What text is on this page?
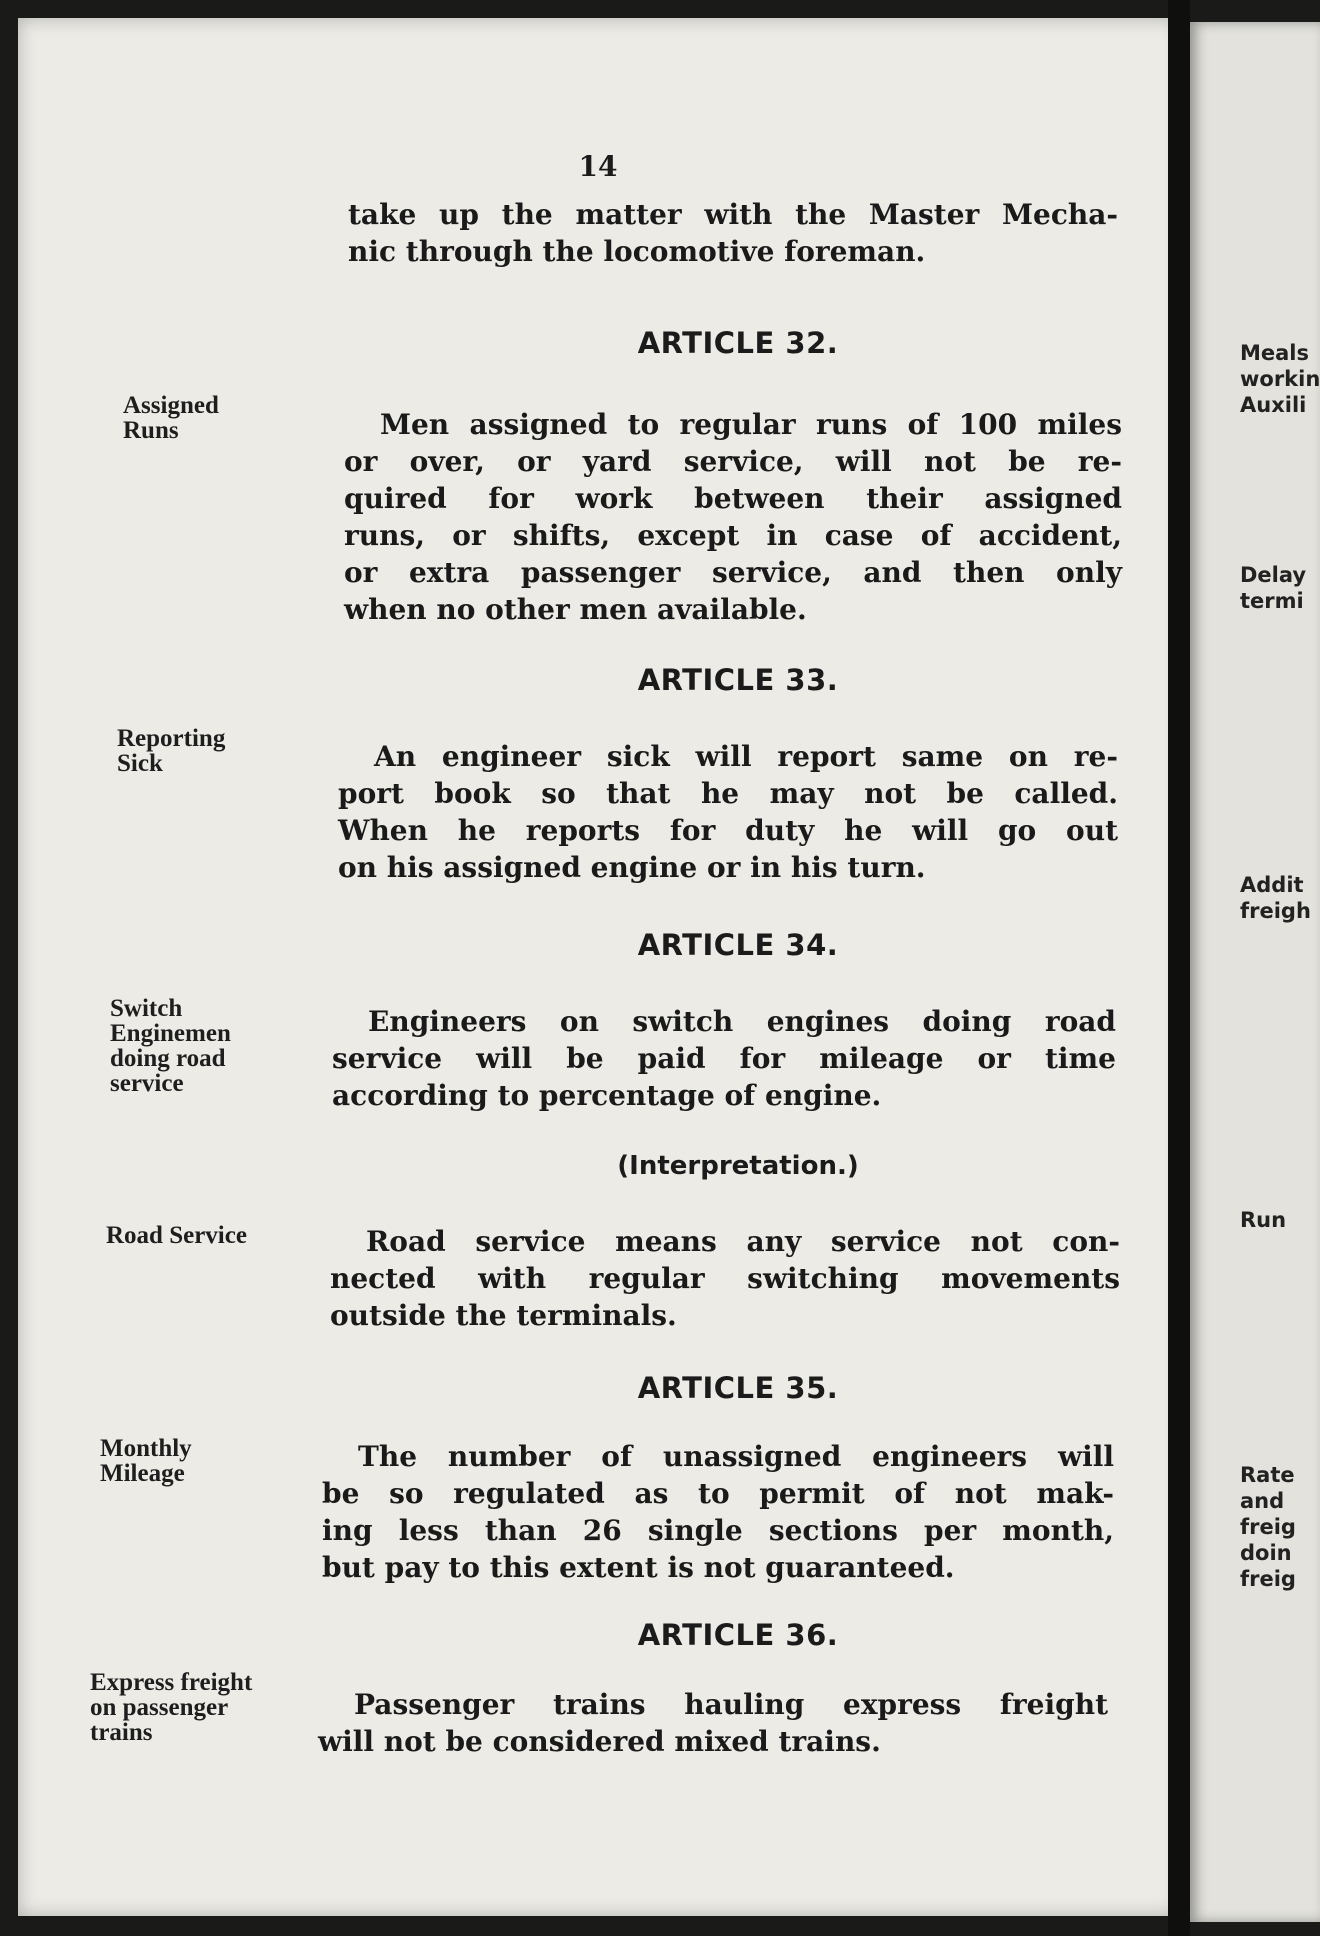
14
take up the matter with the Master Mecha-
nic through the locomotive foreman.
ARTICLE 32.
Assigned
Runs	Men assigned to regular runs of 100 miles
or over, or yard service, will not be re-
quired for work between their assigned
runs, or shifts, except in case of accident,
or extra passenger service, and then only
when no other men available.
ARTICLE 33.
Reporting
Sick	An engineer sick will report same on re-
port book so that he may not be called.
When he reports for duty he will go out
on his assigned engine or in his turn.
ARTICLE 34.
Switch
Enginemen
doing road
service
Engineers on switch engines doing road
service will be paid for mileage or time
according to percentage of engine.
(Interpretation.)
Road Service	Road service means any service not con-
nected with regular switching movements
outside the terminals.
ARTICLE 35.
Monthly
Mileage
The number of unassigned engineers will
be so regulated as to permit of not mak-
ing less than 26 single sections per month,
but pay to this extent is not guaranteed.
ARTICLE 36.
Express freight
on passenger
trains
Passenger trains hauling express freight
will not be considered mixed trains.
Meals
workin
Auxili
Delay
termi
Addit
freigh
Run
Rate
and
freig
doin
freig
